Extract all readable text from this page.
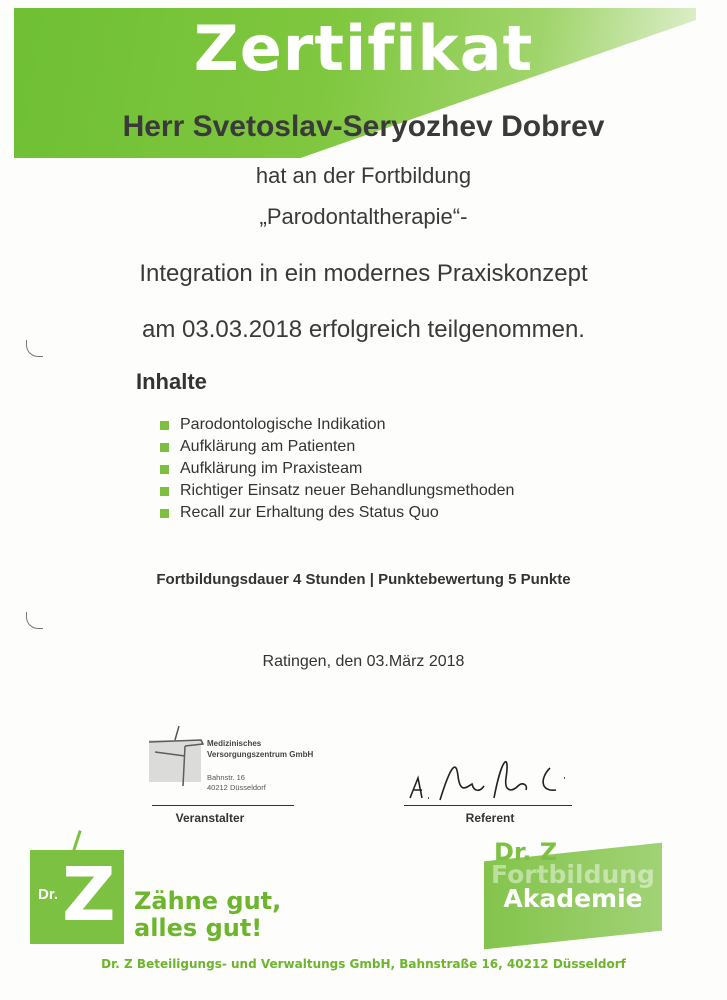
Zertifikat
Herr Svetoslav-Seryozhev Dobrev
hat an der Fortbildung
„Parodontaltherapie“-
Integration in ein modernes Praxiskonzept
am 03.03.2018 erfolgreich teilgenommen.
Inhalte
Parodontologische Indikation
Aufklärung am Patienten
Aufklärung im Praxisteam
Richtiger Einsatz neuer Behandlungsmethoden
Recall zur Erhaltung des Status Quo
Fortbildungsdauer 4 Stunden | Punktebewertung 5 Punkte
Ratingen, den 03.März 2018
Medizinisches
Versorgungszentrum GmbH
Bahnstr. 16
40212 Düsseldorf
Veranstalter	Referent
Dr. Z Zähne gut,
alles gut!
Dr. Z
Fortbildung
Akademie
Dr. Z Beteiligungs- und Verwaltungs GmbH, Bahnstraße 16, 40212 Düsseldorf
